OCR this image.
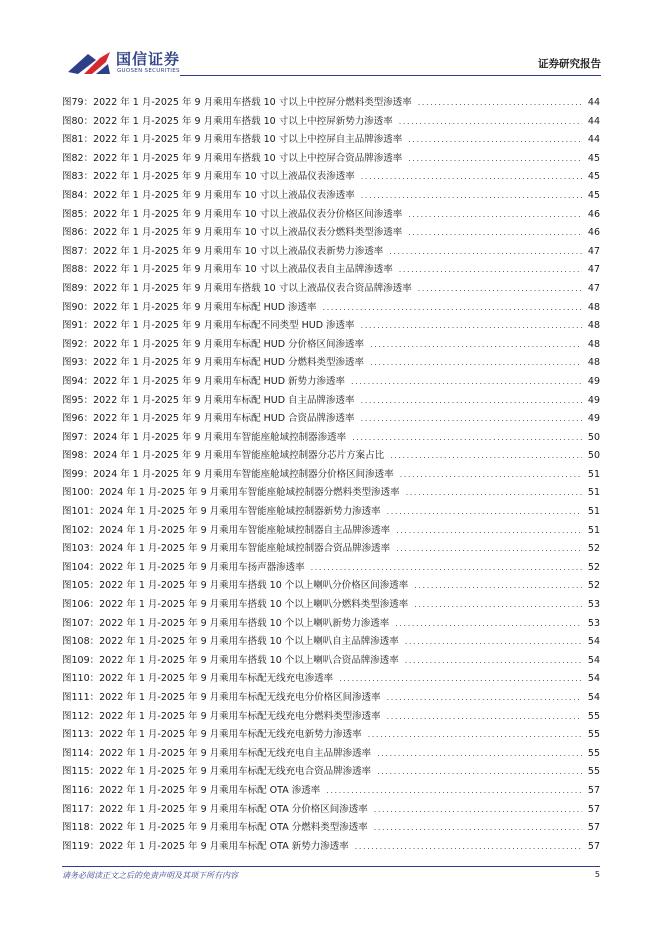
国信证券
GUOSEN SECURITIES
证券研究报告
图79： 2022 年 1 月-2025 年 9 月乘用车搭载 10 寸以上中控屏分燃料类型渗透率 .....	44
图80： 2022 年 1 月-2025 年 9 月乘用车搭载 10 寸以上中控屏新势力渗透率 .....	44
图81： 2022 年 1 月-2025 年 9 月乘用车搭载 10 寸以上中控屏自主品牌渗透率 .....	44
图82： 2022 年 1 月-2025 年 9 月乘用车搭载 10 寸以上中控屏合资品牌渗透率 .....	45
图83： 2022 年 1 月-2025 年 9 月乘用车 10 寸以上液晶仪表渗透率 .....	45
图84： 2022 年 1 月-2025 年 9 月乘用车 10 寸以上液晶仪表渗透率 .....	45
图85： 2022 年 1 月-2025 年 9 月乘用车 10 寸以上液晶仪表分价格区间渗透率 .....	46
图86： 2022 年 1 月-2025 年 9 月乘用车 10 寸以上液晶仪表分燃料类型渗透率 .....	46
图87： 2022 年 1 月-2025 年 9 月乘用车 10 寸以上液晶仪表新势力渗透率 .....	47
图88： 2022 年 1 月-2025 年 9 月乘用车 10 寸以上液晶仪表自主品牌渗透率 .....	47
图89： 2022 年 1 月-2025 年 9 月乘用车搭载 10 寸以上液晶仪表合资品牌渗透率 .....	47
图90： 2022 年 1 月-2025 年 9 月乘用车标配 HUD 渗透率 .....	48
图91： 2022 年 1 月-2025 年 9 月乘用车标配不同类型 HUD 渗透率 .....	48
图92： 2022 年 1 月-2025 年 9 月乘用车标配 HUD 分价格区间渗透率 .....	48
图93： 2022 年 1 月-2025 年 9 月乘用车标配 HUD 分燃料类型渗透率 .....	48
图94： 2022 年 1 月-2025 年 9 月乘用车标配 HUD 新势力渗透率 .....	49
图95： 2022 年 1 月-2025 年 9 月乘用车标配 HUD 自主品牌渗透率 .....	49
图96： 2022 年 1 月-2025 年 9 月乘用车标配 HUD 合资品牌渗透率 .....	49
图97： 2024 年 1 月-2025 年 9 月乘用车智能座舱域控制器渗透率 .....	50
图98： 2024 年 1 月-2025 年 9 月乘用车智能座舱域控制器分芯片方案占比 .....	50
图99： 2024 年 1 月-2025 年 9 月乘用车智能座舱域控制器分价格区间渗透率 .....	51
图100： 2024 年 1 月-2025 年 9 月乘用车智能座舱域控制器分燃料类型渗透率 .....	51
图101： 2024 年 1 月-2025 年 9 月乘用车智能座舱域控制器新势力渗透率 .....	51
图102： 2024 年 1 月-2025 年 9 月乘用车智能座舱域控制器自主品牌渗透率 .....	51
图103： 2024 年 1 月-2025 年 9 月乘用车智能座舱域控制器合资品牌渗透率 .....	52
图104： 2022 年 1 月-2025 年 9 月乘用车扬声器渗透率 .....	52
图105： 2022 年 1 月-2025 年 9 月乘用车搭载 10 个以上喇叭分价格区间渗透率 .....	52
图106： 2022 年 1 月-2025 年 9 月乘用车搭载 10 个以上喇叭分燃料类型渗透率 .....	53
图107： 2022 年 1 月-2025 年 9 月乘用车搭载 10 个以上喇叭新势力渗透率 .....	53
图108： 2022 年 1 月-2025 年 9 月乘用车搭载 10 个以上喇叭自主品牌渗透率 .....	54
图109： 2022 年 1 月-2025 年 9 月乘用车搭载 10 个以上喇叭合资品牌渗透率 .....	54
图110： 2022 年 1 月-2025 年 9 月乘用车标配无线充电渗透率 .....	54
图111： 2022 年 1 月-2025 年 9 月乘用车标配无线充电分价格区间渗透率 .....	54
图112： 2022 年 1 月-2025 年 9 月乘用车标配无线充电分燃料类型渗透率 .....	55
图113： 2022 年 1 月-2025 年 9 月乘用车标配无线充电新势力渗透率 .....	55
图114： 2022 年 1 月-2025 年 9 月乘用车标配无线充电自主品牌渗透率 .....	55
图115： 2022 年 1 月-2025 年 9 月乘用车标配无线充电合资品牌渗透率 .....	55
图116： 2022 年 1 月-2025 年 9 月乘用车标配 OTA 渗透率 .....	57
图117： 2022 年 1 月-2025 年 9 月乘用车标配 OTA 分价格区间渗透率 .....	57
图118： 2022 年 1 月-2025 年 9 月乘用车标配 OTA 分燃料类型渗透率 .....	57
图119： 2022 年 1 月-2025 年 9 月乘用车标配 OTA 新势力渗透率 .....	57
请务必阅读正文之后的免责声明及其项下所有内容	5
